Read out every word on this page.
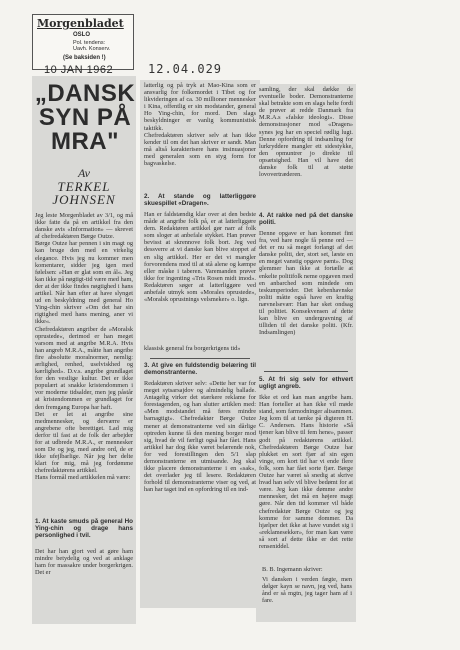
Morgenbladet
OSLO
Pol. tendens:
Uavh. Konserv.
(Se baksiden !)
10 JAN 1962	12.04.029
„DANSK SYN PÅ MRA"
Av
TERKEL JOHNSEN
Jeg leste Morgenbladet av 3/1, og må ikke fatte da på en artikkel fra den danske avis «Information» — skrevet af chefredaktøren Børge Outze.
Børge Outze har pennen i sin magt og kan bruge den med en virkelig elegance. Hvis jeg nu kommer men komentarer, sidder jeg igen med følelsen: »Han er glat som en ål«. Jeg kan ikke på nøgtigt-tid være med ham, der at der ikke findes nøgtighed i hans artikel. Når han efter at have slynget ud en beskyldning med general Ho Ying-chin skriver »Om det har sin rigtighed med hans mening, aner vi ikke«.
Chefredaktøren angriber de »Moralsk oprustede«, derimod er han meget varsom med at angribe M.R.A. Hvis han angreb M.R.A., måtte han angribe fire absolutte moralnormer, nemlig: ærlighed, renhed, uselviskhed og kærlighed». D.v.s. angribe grundlaget for den vestlige kultur. Det er ikke populært at snakke kristendommen i vor moderne tidsalder, men jeg påstår at kristendommen er grundlaget for den fremgang Europa har haft.
Det er let at angribe sine medmennesker, og derværre er angrebene ofte berettiget. Lad mig derfor til fast at de folk der arbejder for at udbrede M.R.A., er mennesker som De og jeg, med andre ord, de er ikke ufejlbarlige. Når jeg her delte klart for mig, må jeg fordømme chefredaktørens artikkel.
Hans formål med artikkelen må være:
1. At kaste smuds på general Ho Ying-chin og drage hans personlighed i tvil.
Det har han gjort ved at gøre ham mindre betydelig og ved at anklage ham for massakre under borgerkrigen. Det er
latterlig og på tryk at Mao-Kina som er ansvarlig for folkemordet i Tibet og for likvideringen af ca. 30 millioner mennesker i Kina, offentlig er sin modstander, general Ho Ying-chin, for mord. Den slags beskyldninger er vanlig kommunistisk taktikk.
Chefredaktøren skriver selv at han ikke kender til om det han skriver er sandt. Man må altså karakterisere hans insinuasjoner med generalen som en styg form for bagvaskelse.
2. At stande og latterliggøre skuespillet «Dragen».
Han er faldstændig klar over at den bedste måde at angribe folk på, er at latterliggøre dem. Redaktøren artikkel gør narr af folk som sloger at anbefale stykket. Han prøver bevisst at skrennove folk bort. Jeg ved dessverre at vi danske kan blive stoppet af en slig artikkel. Her er det vi mangler forvorendens mod til at stå alene og kæmpe eller måske i taberen. Varemanden prøver ikke for ingenting «Tris Rosen midt imod». Redaktøren søger at latterliggøre ved anbefale utmyk som «Morales oprustede», «Moralsk oprustnings velsmeker» o. lign.
klassisk general fra borgerkrigens tid»
3. At give en fuldstendig belæring til demonstranterne.
Redaktøren skriver selv: «Dette her var for meget sytsarsajdov og almindelig ballade. Antagelig virker det stærkere reklame for forestagenden, og han slutter artiklen med: «Men modstandet må føres mindre barnagtigt». Chefredaktør Børge Outze mener at demonstranterne ved sin dårlige optreden kunne få den mening borger mod sig, hvad de vil færligt også har fået. Hans artikkel har dog ikke været belærende nok, for ved forestillingen den 5/1 slap demonstranterne en utmisande. Jeg skal ikke placere demonstranterne i en «sak», det overlader jeg til lesere. Redaktøren forhold til demonstranterne viser og ved, at han har taget ind en opfordring til en ind-
samling, der skal dække de eventuelle boder. Demonstranterne skal betrakte som en slags helte fordi de prøver at redde Danmark fra M.R.A.s «falske ideologi». Disse demonstrasjoner mod «Dragen» synes jeg har en speciel rødlig lugt. Denne opfordring til indsamling for lurkryddere mangler ett sidestykke, den opmuntrer jo direkte til opsætsighed. Han vil have det danske folk til at støtte lovovertræderen.
4. At rakke ned på det danske politi.
Denne opgave er han kommet fint fra, ved hare nogle få penne ord — det er nu så meget forlangt af det danske politi, der, stort set, læste en en meget vanstig opgave pænt». Dog glemmer han ikke at fortælle at enkelte politifolk neme opgaven med en anbarched som mindede om teskumperioder. Det kebenhavnske politi måtte også have en kraftig nævnelsevær: Han har sket ondsag til politiet. Konsekvensen af dette kan blive en undergravning af tilliden til det danske politi. (Kfr. Indsamlingen)
5. At fri sig selv for ethvert ugligt angreb.
Ikke et ord kan man angribe ham. Han forteller at han ikke vil møde stand, som farmodninger altsammen. Jeg kom til at tænke på digteren H. C. Andersen. Hans historie «Så tjener kan blive til fem hene», passer godt på redaktørens artikkel. Chefredaktøren Børge Outze har plukket en sort fjær af sin egen vinge, om kort tid har vi ende flere folk, som har fået sorte fjær. Børge Outze har været så snedig at skrive hvad han selv vil blive bedømt for at være. Jeg kan ikke dømme andre mennesker, det må en højere magt gøre. Når den tid kommer vil både chefredaktør Børge Outze og jeg komme for samme dommer. Da hjælper det ikke at have vundet sig i «reklamesekker», for man kan være så sort af dette ikke er det rette renseniddel.
B. B. Ingemann skriver:
Vi dansken i verden fægte, men dølger kayn se navn, jeg ved, hans ånd er så mgtn, jeg tager ham af i fare.
